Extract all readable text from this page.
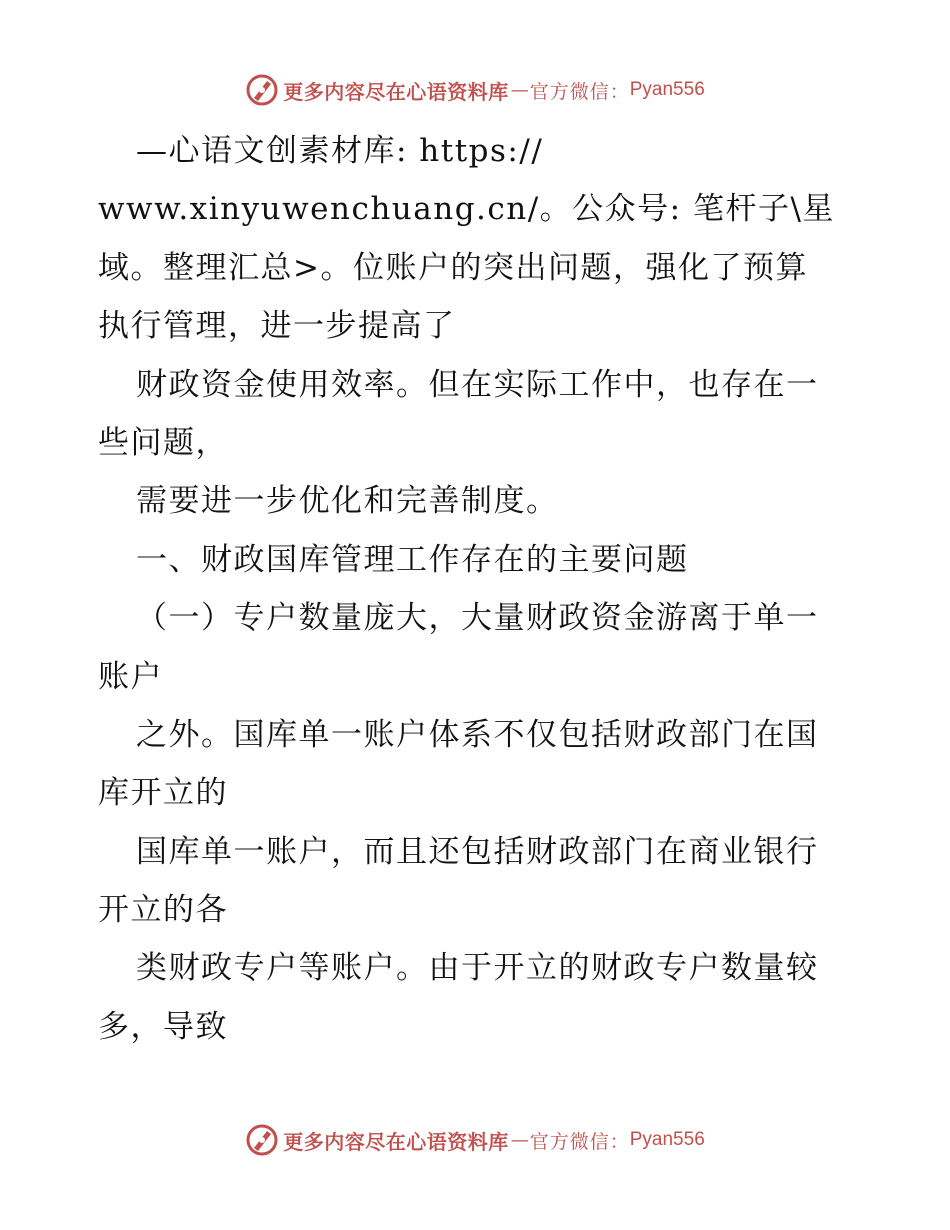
更多内容尽在心语资料库 — 官方微信： Pyan556
—心语文创素材库: https://
www.xinyuwenchuang.cn/。公众号: 笔杆子\星
域。整理汇总>。位账户的突出问题，强化了预算
执行管理，进一步提高了
财政资金使用效率。但在实际工作中，也存在一
些问题，
需要进一步优化和完善制度。
一、财政国库管理工作存在的主要问题
（一）专户数量庞大，大量财政资金游离于单一
账户
之外。国库单一账户体系不仅包括财政部门在国
库开立的
国库单一账户，而且还包括财政部门在商业银行
开立的各
类财政专户等账户。由于开立的财政专户数量较
多，导致
更多内容尽在心语资料库 — 官方微信： Pyan556
